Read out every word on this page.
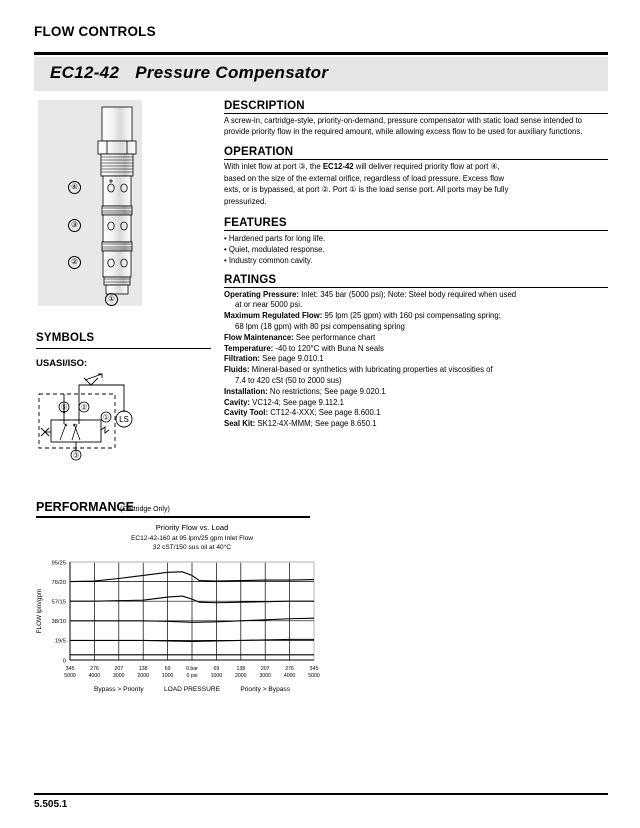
FLOW CONTROLS
EC12-42 Pressure Compensator
④
③
②
①
SYMBOLS
USASI/ISO:
⑤ ②
①
③
LS
DESCRIPTION
A screw-in, cartridge-style, priority-on-demand, pressure compensator with static load sense intended to provide priority flow in the required amount, while allowing excess flow to be used for auxiliary functions.
OPERATION
With inlet flow at port ③, the EC12-42 will deliver required priority flow at port ④,
based on the size of the external orifice, regardless of load pressure. Excess flow
exts, or is bypassed, at port ②. Port ① is the load sense port. All ports may be fully
pressurized.
FEATURES
• Hardened parts for long life.
• Quiet, modulated response.
• Industry common cavity.
RATINGS
Operating Pressure: Inlet: 345 bar (5000 psi); Note: Steel body required when used
at or near 5000 psi.
Maximum Regulated Flow: 95 lpm (25 gpm) with 160 psi compensating spring;
68 lpm (18 gpm) with 80 psi compensating spring
Flow Maintenance: See performance chart
Temperature: -40 to 120°C with Buna N seals
Filtration: See page 9.010.1
Fluids: Mineral-based or synthetics with lubricating properties at viscosities of
7.4 to 420 cSt (50 to 2000 sus)
Installation: No restrictions; See page 9.020.1
Cavity: VC12-4; See page 9.112.1
Cavity Tool: CT12-4-XXX; See page 8.600.1
Seal Kit: SK12-4X-MMM; See page 8.650.1
PERFORMANCE
(Cartridge Only)
Priority Flow vs. Load
EC12-42-160 at 95 lpm/25 gpm Inlet Flow
32 cST/150 sus oil at 40°C
FLOW lpm/gpm
0
19/5
38/10
57/15
76/20
95/25
345
5000
276
4000
207
3000
138
2000
69
1000
0 bar
0 psi
69
1000
138
2000
207
3000
276
4000
345
5000
Bypass > Priority	LOAD PRESSURE	Priority > Bypass
5.505.1
